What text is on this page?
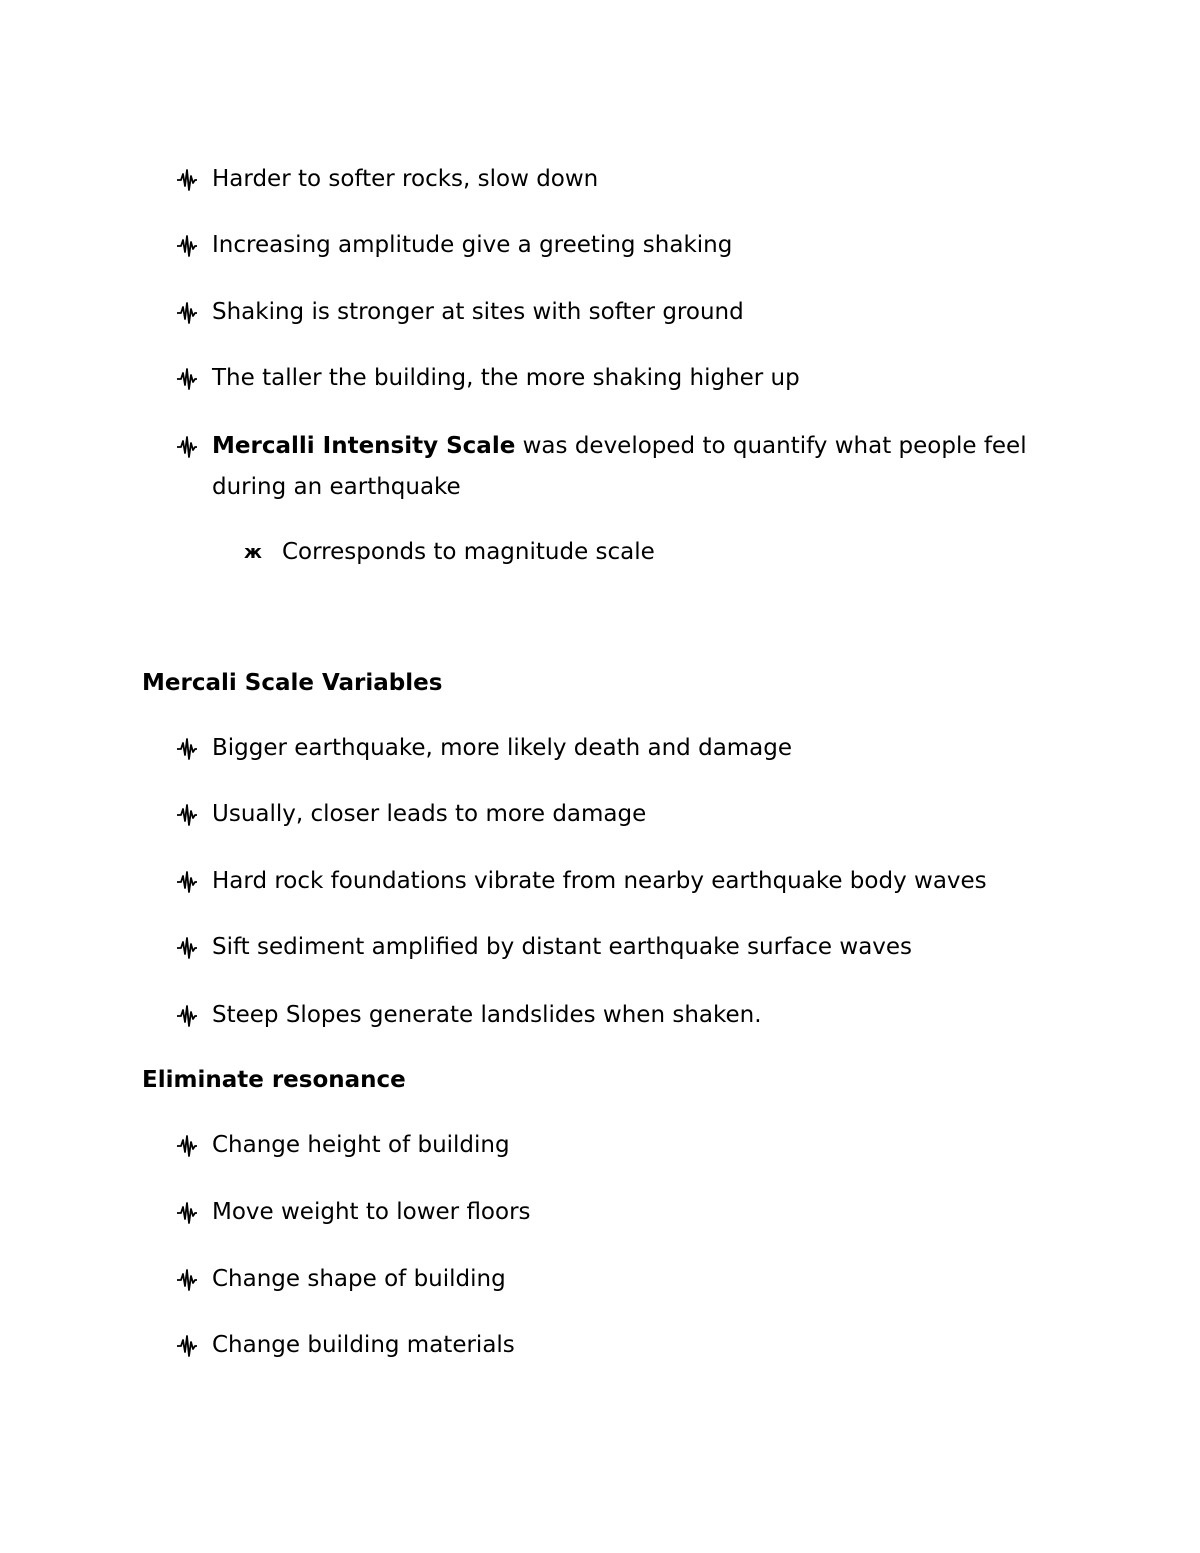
Harder to softer rocks, slow down
Increasing amplitude give a greeting shaking
Shaking is stronger at sites with softer ground
The taller the building, the more shaking higher up
Mercalli Intensity Scale was developed to quantify what people feel during an earthquake
ж Corresponds to magnitude scale
Mercali Scale Variables
Bigger earthquake, more likely death and damage
Usually, closer leads to more damage
Hard rock foundations vibrate from nearby earthquake body waves
Sift sediment amplified by distant earthquake surface waves
Steep Slopes generate landslides when shaken.
Eliminate resonance
Change height of building
Move weight to lower floors
Change shape of building
Change building materials
